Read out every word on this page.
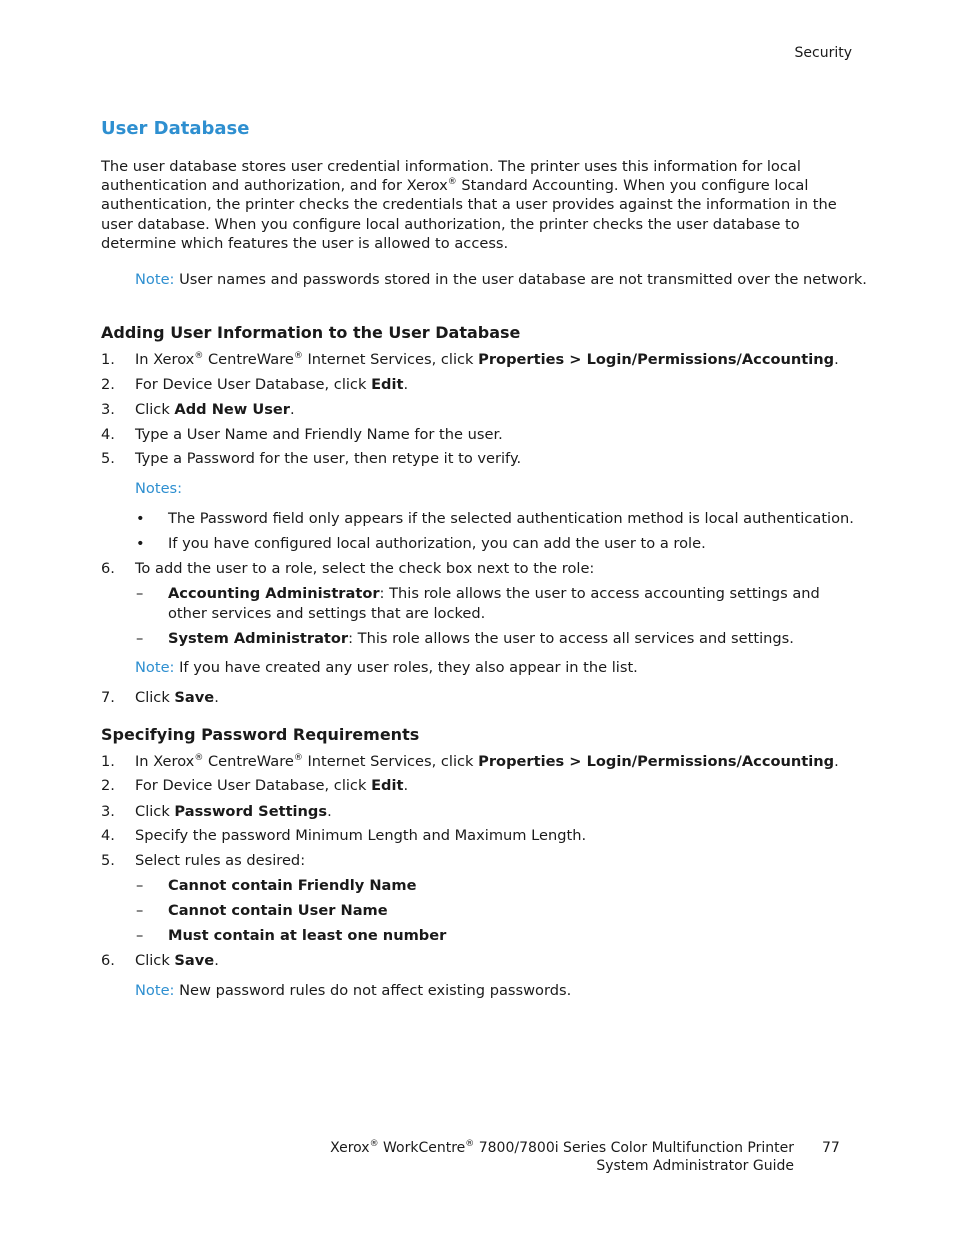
Security
User Database
The user database stores user credential information. The printer uses this information for local authentication and authorization, and for Xerox® Standard Accounting. When you configure local authentication, the printer checks the credentials that a user provides against the information in the user database. When you configure local authorization, the printer checks the user database to determine which features the user is allowed to access.
Note: User names and passwords stored in the user database are not transmitted over the network.
Adding User Information to the User Database
1. In Xerox® CentreWare® Internet Services, click Properties > Login/Permissions/Accounting.
2. For Device User Database, click Edit.
3. Click Add New User.
4. Type a User Name and Friendly Name for the user.
5. Type a Password for the user, then retype it to verify.
Notes:
• The Password field only appears if the selected authentication method is local authentication.
• If you have configured local authorization, you can add the user to a role.
6. To add the user to a role, select the check box next to the role:
– Accounting Administrator: This role allows the user to access accounting settings and other services and settings that are locked.
– System Administrator: This role allows the user to access all services and settings.
Note: If you have created any user roles, they also appear in the list.
7. Click Save.
Specifying Password Requirements
1. In Xerox® CentreWare® Internet Services, click Properties > Login/Permissions/Accounting.
2. For Device User Database, click Edit.
3. Click Password Settings.
4. Specify the password Minimum Length and Maximum Length.
5. Select rules as desired:
– Cannot contain Friendly Name
– Cannot contain User Name
– Must contain at least one number
6. Click Save.
Note: New password rules do not affect existing passwords.
Xerox® WorkCentre® 7800/7800i Series Color Multifunction Printer
System Administrator Guide
77
